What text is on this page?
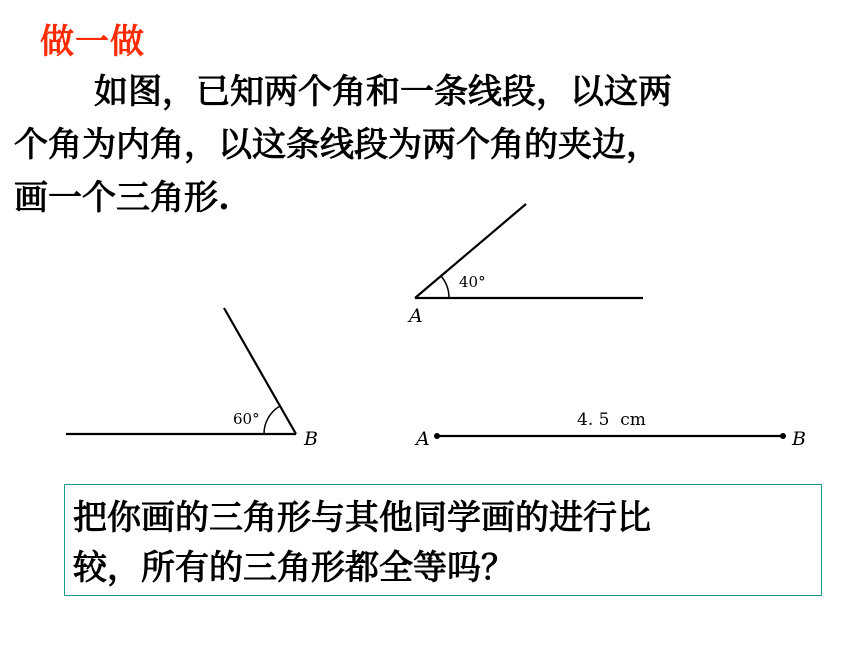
做一做
如图，已知两个角和一条线段，以这两
个角为内角，以这条线段为两个角的夹边，
画一个三角形.
40°
A
60°
B	A	B
4. 5  cm
把你画的三角形与其他同学画的进行比
较，所有的三角形都全等吗？
